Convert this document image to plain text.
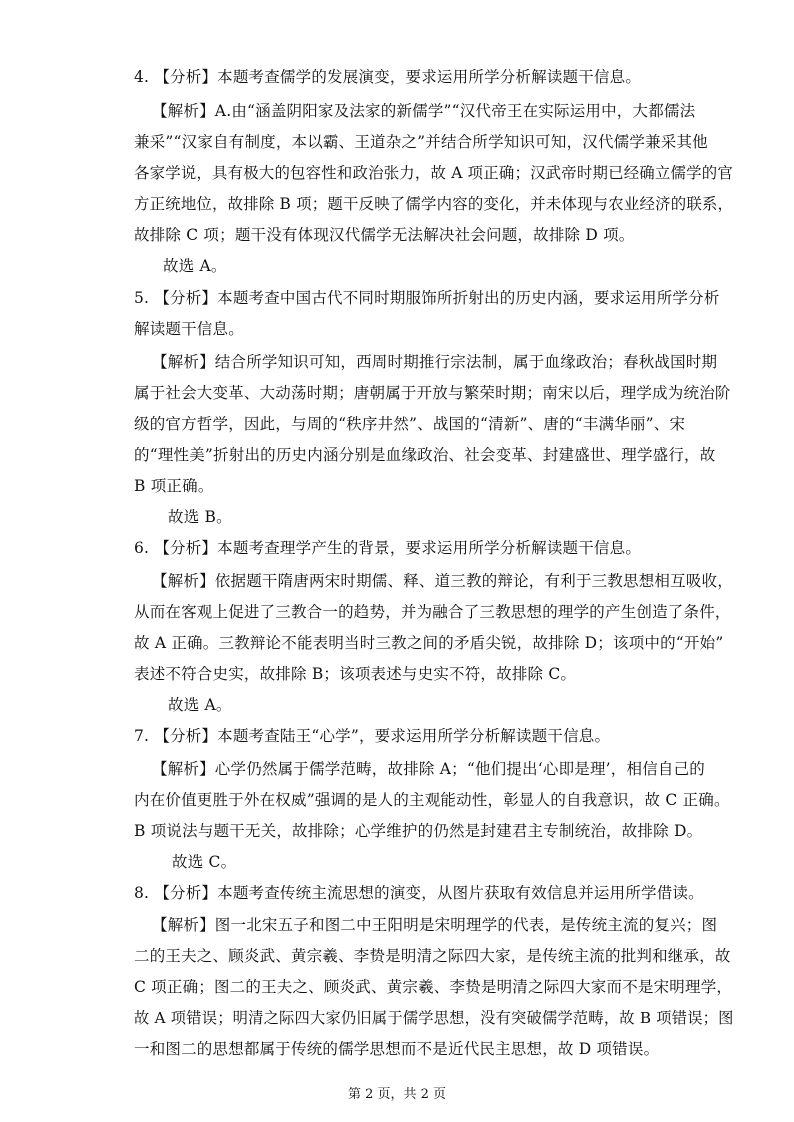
4. 【分析】本题考查儒学的发展演变，要求运用所学分析解读题干信息。
【解析】A.由“涵盖阴阳家及法家的新儒学”“汉代帝王在实际运用中，大都儒法
兼采”“汉家自有制度，本以霸、王道杂之”并结合所学知识可知，汉代儒学兼采其他
各家学说，具有极大的包容性和政治张力，故 A 项正确；汉武帝时期已经确立儒学的官
方正统地位，故排除 B 项；题干反映了儒学内容的变化，并未体现与农业经济的联系，
故排除 C 项；题干没有体现汉代儒学无法解决社会问题，故排除 D 项。
故选 A。
5. 【分析】本题考查中国古代不同时期服饰所折射出的历史内涵，要求运用所学分析
解读题干信息。
【解析】结合所学知识可知，西周时期推行宗法制，属于血缘政治；春秋战国时期
属于社会大变革、大动荡时期；唐朝属于开放与繁荣时期；南宋以后，理学成为统治阶
级的官方哲学，因此，与周的“秩序井然”、战国的“清新”、唐的“丰满华丽”、宋
的“理性美”折射出的历史内涵分别是血缘政治、社会变革、封建盛世、理学盛行，故
B 项正确。
故选 B。
6. 【分析】本题考查理学产生的背景，要求运用所学分析解读题干信息。
【解析】依据题干隋唐两宋时期儒、释、道三教的辩论，有利于三教思想相互吸收，
从而在客观上促进了三教合一的趋势，并为融合了三教思想的理学的产生创造了条件，
故 A 正确。三教辩论不能表明当时三教之间的矛盾尖锐，故排除 D；该项中的“开始”
表述不符合史实，故排除 B；该项表述与史实不符，故排除 C。
故选 A。
7. 【分析】本题考查陆王“心学”，要求运用所学分析解读题干信息。
【解析】心学仍然属于儒学范畴，故排除 A；“他们提出‘心即是理’，相信自己的
内在价值更胜于外在权威”强调的是人的主观能动性，彰显人的自我意识，故 C 正确。
B 项说法与题干无关，故排除；心学维护的仍然是封建君主专制统治，故排除 D。
故选 C。
8. 【分析】本题考查传统主流思想的演变，从图片获取有效信息并运用所学借读。
【解析】图一北宋五子和图二中王阳明是宋明理学的代表，是传统主流的复兴；图
二的王夫之、顾炎武、黄宗羲、李贽是明清之际四大家，是传统主流的批判和继承，故
C 项正确；图二的王夫之、顾炎武、黄宗羲、李贽是明清之际四大家而不是宋明理学，
故 A 项错误；明清之际四大家仍旧属于儒学思想，没有突破儒学范畴，故 B 项错误；图
一和图二的思想都属于传统的儒学思想而不是近代民主思想，故 D 项错误。
第 2 页，共 2 页
